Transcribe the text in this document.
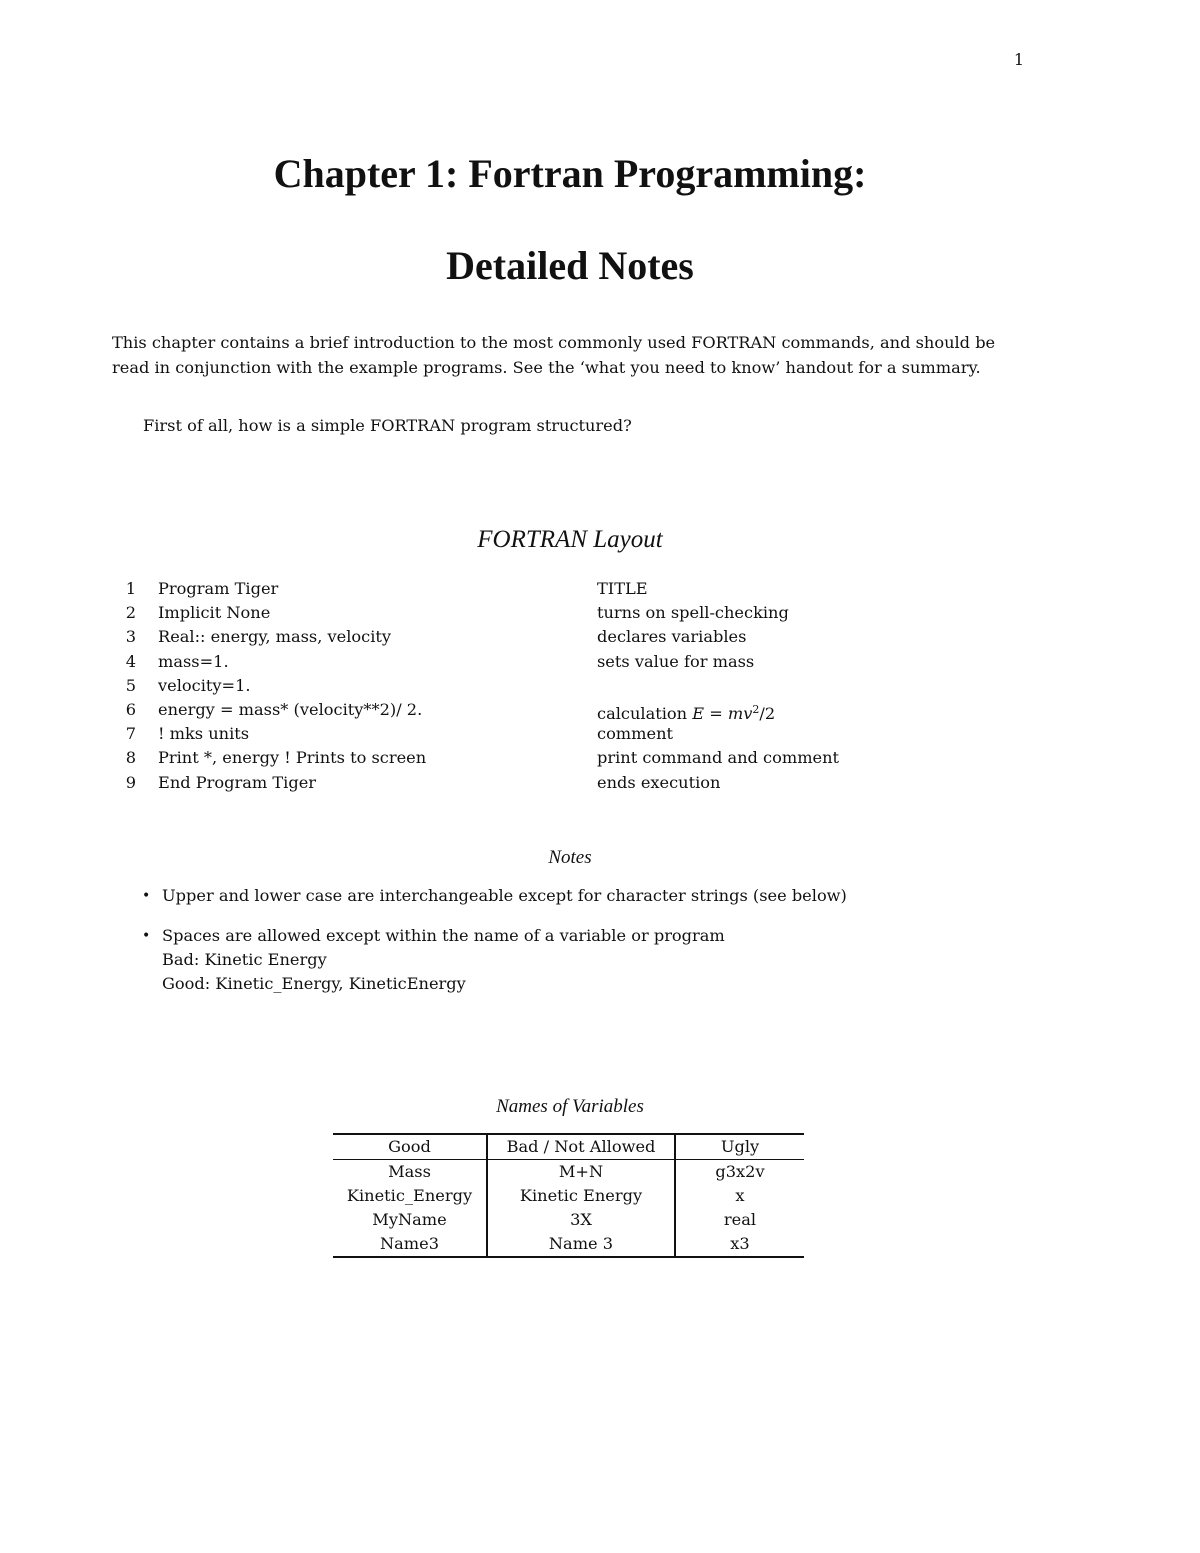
1
Chapter 1: Fortran Programming:
Detailed Notes

This chapter contains a brief introduction to the most commonly used FORTRAN commands, and should be read in conjunction with the example programs. See the ‘what you need to know’ handout for a summary.

First of all, how is a simple FORTRAN program structured?

FORTRAN Layout
1 Program Tiger	TITLE
2 Implicit None	turns on spell-checking
3 Real:: energy, mass, velocity	declares variables
4 mass=1.	sets value for mass
5 velocity=1.
6 energy = mass* (velocity**2)/ 2.	calculation $E = mv^2/2$
7 ! mks units	comment
8 Print *, energy ! Prints to screen	print command and comment
9 End Program Tiger	ends execution
Notes
• Upper and lower case are interchangeable except for character strings (see below)
• Spaces are allowed except within the name of a variable or program
Bad: Kinetic Energy
Good: Kinetic_Energy, KineticEnergy
Names of Variables
Good	Bad / Not Allowed	Ugly
Mass	M+N	g3x2v
Kinetic_Energy	Kinetic Energy	x
MyName	3X	real
Name3	Name 3	x3
